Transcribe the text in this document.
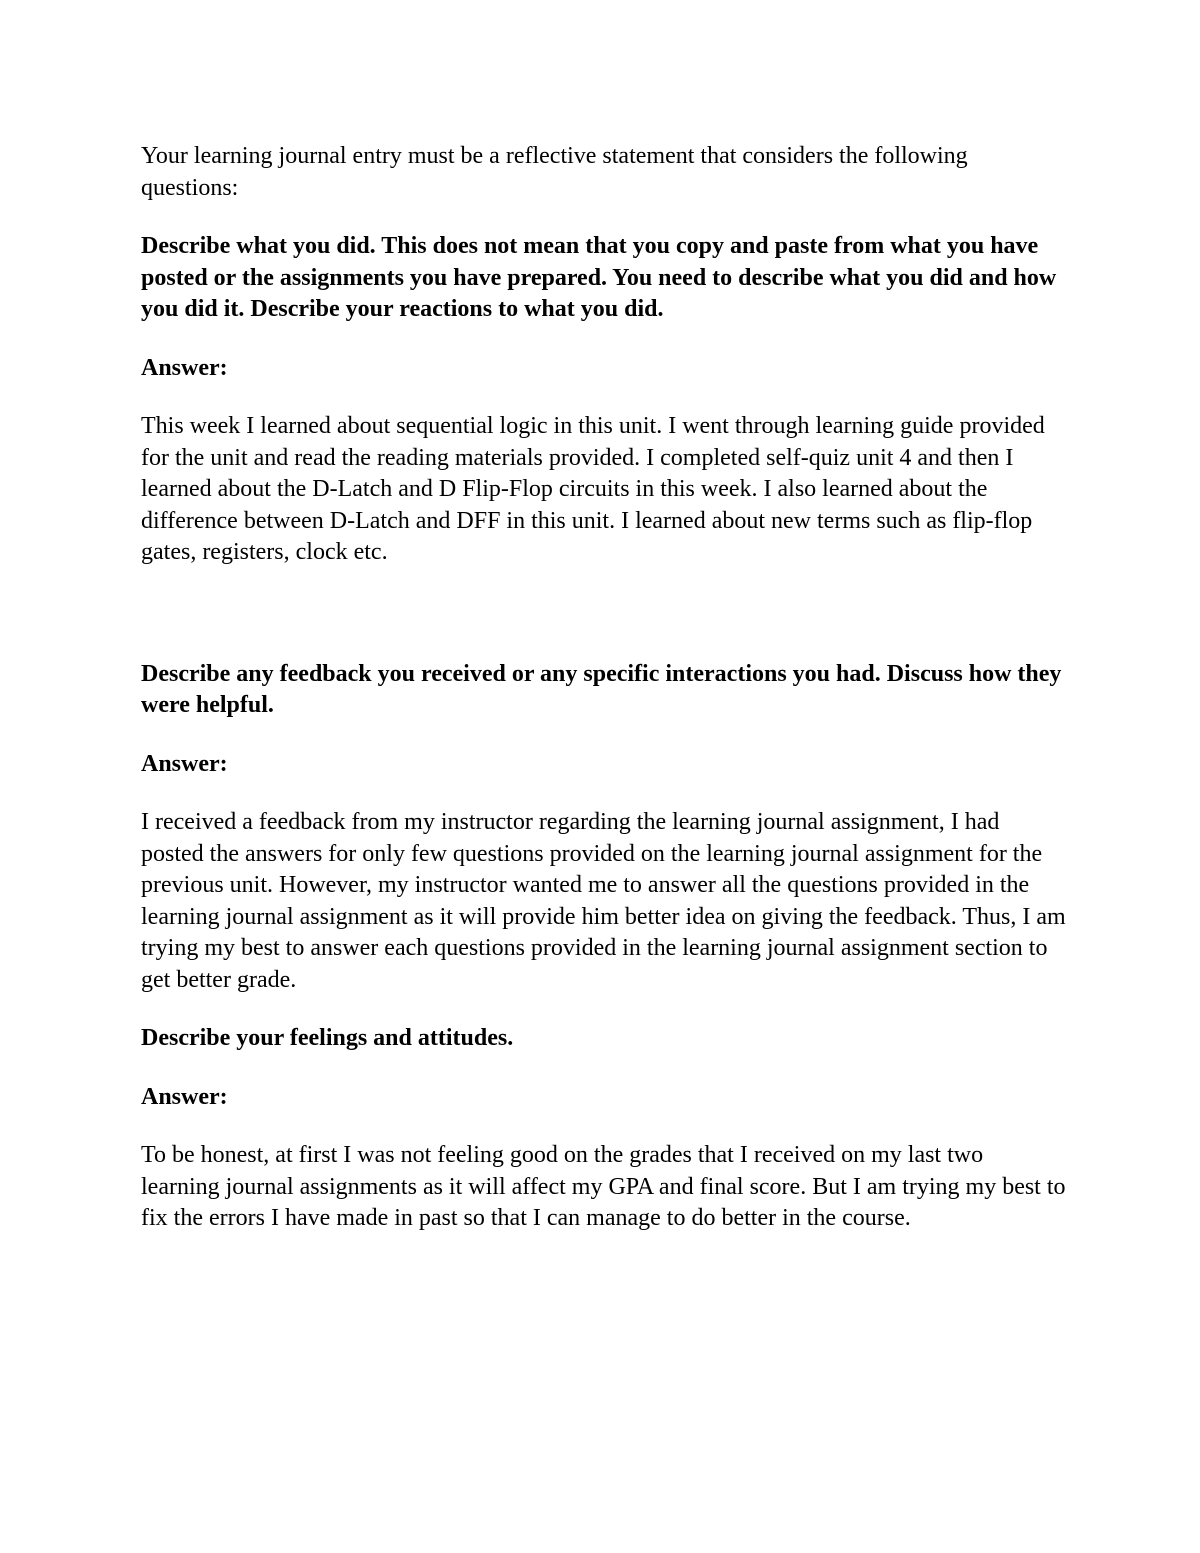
Your learning journal entry must be a reflective statement that considers the following questions:

Describe what you did. This does not mean that you copy and paste from what you have posted or the assignments you have prepared. You need to describe what you did and how you did it. Describe your reactions to what you did.

Answer:

This week I learned about sequential logic in this unit. I went through learning guide provided for the unit and read the reading materials provided. I completed self-quiz unit 4 and then I learned about the D-Latch and D Flip-Flop circuits in this week. I also learned about the difference between D-Latch and DFF in this unit. I learned about new terms such as flip-flop gates, registers, clock etc.

Describe any feedback you received or any specific interactions you had. Discuss how they were helpful.

Answer:

I received a feedback from my instructor regarding the learning journal assignment, I had posted the answers for only few questions provided on the learning journal assignment for the previous unit. However, my instructor wanted me to answer all the questions provided in the learning journal assignment as it will provide him better idea on giving the feedback. Thus, I am trying my best to answer each questions provided in the learning journal assignment section to get better grade.

Describe your feelings and attitudes.

Answer:

To be honest, at first I was not feeling good on the grades that I received on my last two learning journal assignments as it will affect my GPA and final score. But I am trying my best to fix the errors I have made in past so that I can manage to do better in the course.
